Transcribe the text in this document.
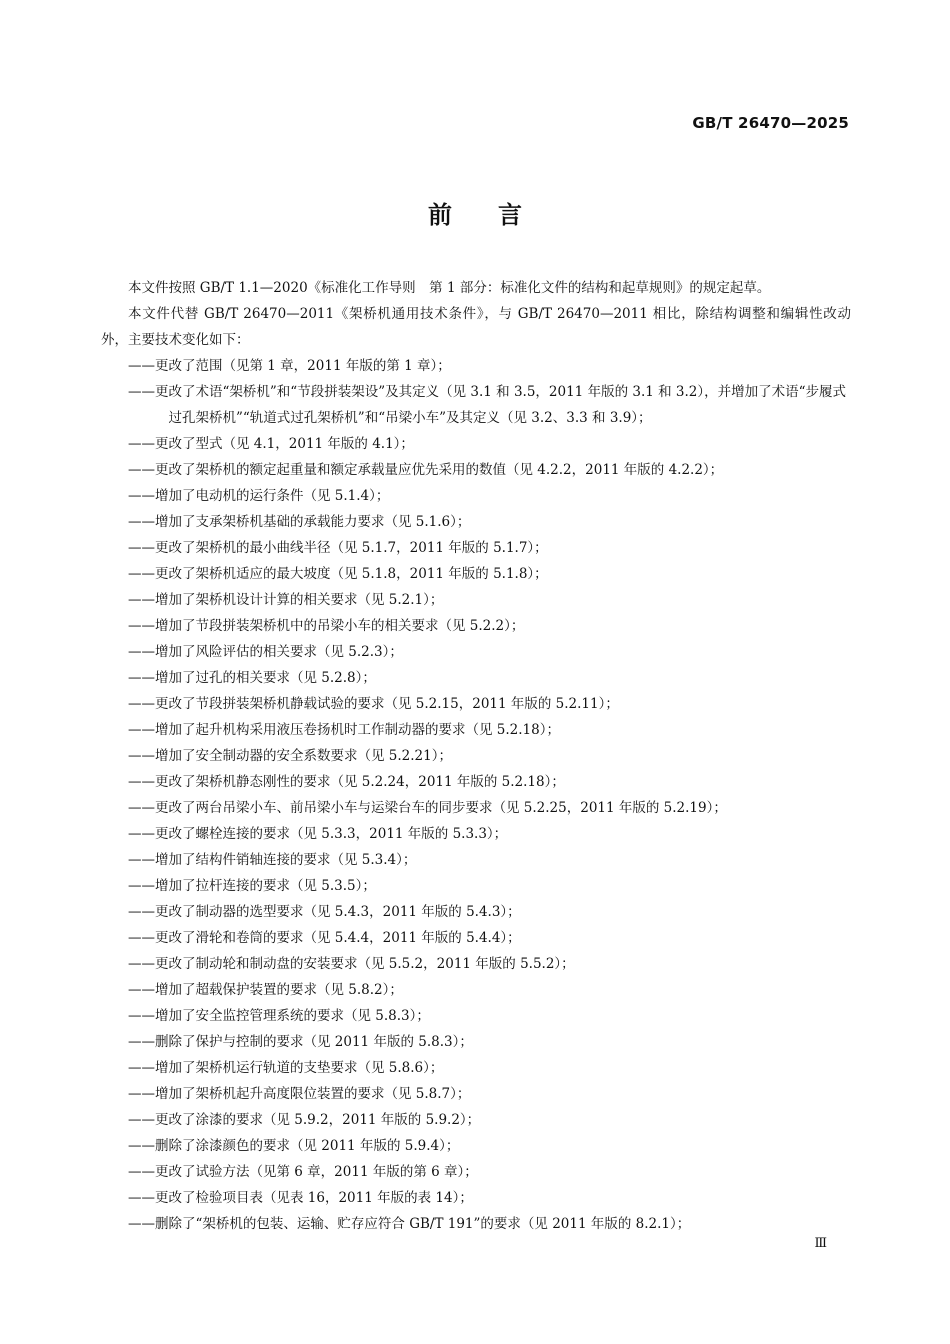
GB/T 26470—2025
前言
本文件按照 GB/T 1.1—2020《标准化工作导则　第 1 部分：标准化文件的结构和起草规则》的规定起草。
本文件代替 GB/T 26470—2011《架桥机通用技术条件》，与 GB/T 26470—2011 相比，除结构调整和编辑性改动外，主要技术变化如下：
——更改了范围（见第 1 章，2011 年版的第 1 章）；
——更改了术语“架桥机”和“节段拼装架设”及其定义（见 3.1 和 3.5，2011 年版的 3.1 和 3.2），并增加了术语“步履式过孔架桥机”“轨道式过孔架桥机”和“吊梁小车”及其定义（见 3.2、3.3 和 3.9）；
——更改了型式（见 4.1，2011 年版的 4.1）；
——更改了架桥机的额定起重量和额定承载量应优先采用的数值（见 4.2.2，2011 年版的 4.2.2）；
——增加了电动机的运行条件（见 5.1.4）；
——增加了支承架桥机基础的承载能力要求（见 5.1.6）；
——更改了架桥机的最小曲线半径（见 5.1.7，2011 年版的 5.1.7）；
——更改了架桥机适应的最大坡度（见 5.1.8，2011 年版的 5.1.8）；
——增加了架桥机设计计算的相关要求（见 5.2.1）；
——增加了节段拼装架桥机中的吊梁小车的相关要求（见 5.2.2）；
——增加了风险评估的相关要求（见 5.2.3）；
——增加了过孔的相关要求（见 5.2.8）；
——更改了节段拼装架桥机静载试验的要求（见 5.2.15，2011 年版的 5.2.11）；
——增加了起升机构采用液压卷扬机时工作制动器的要求（见 5.2.18）；
——增加了安全制动器的安全系数要求（见 5.2.21）；
——更改了架桥机静态刚性的要求（见 5.2.24，2011 年版的 5.2.18）；
——更改了两台吊梁小车、前吊梁小车与运梁台车的同步要求（见 5.2.25，2011 年版的 5.2.19）；
——更改了螺栓连接的要求（见 5.3.3，2011 年版的 5.3.3）；
——增加了结构件销轴连接的要求（见 5.3.4）；
——增加了拉杆连接的要求（见 5.3.5）；
——更改了制动器的选型要求（见 5.4.3，2011 年版的 5.4.3）；
——更改了滑轮和卷筒的要求（见 5.4.4，2011 年版的 5.4.4）；
——更改了制动轮和制动盘的安装要求（见 5.5.2，2011 年版的 5.5.2）；
——增加了超载保护装置的要求（见 5.8.2）；
——增加了安全监控管理系统的要求（见 5.8.3）；
——删除了保护与控制的要求（见 2011 年版的 5.8.3）；
——增加了架桥机运行轨道的支垫要求（见 5.8.6）；
——增加了架桥机起升高度限位装置的要求（见 5.8.7）；
——更改了涂漆的要求（见 5.9.2，2011 年版的 5.9.2）；
——删除了涂漆颜色的要求（见 2011 年版的 5.9.4）；
——更改了试验方法（见第 6 章，2011 年版的第 6 章）；
——更改了检验项目表（见表 16，2011 年版的表 14）；
——删除了“架桥机的包装、运输、贮存应符合 GB/T 191”的要求（见 2011 年版的 8.2.1）；
Ⅲ
